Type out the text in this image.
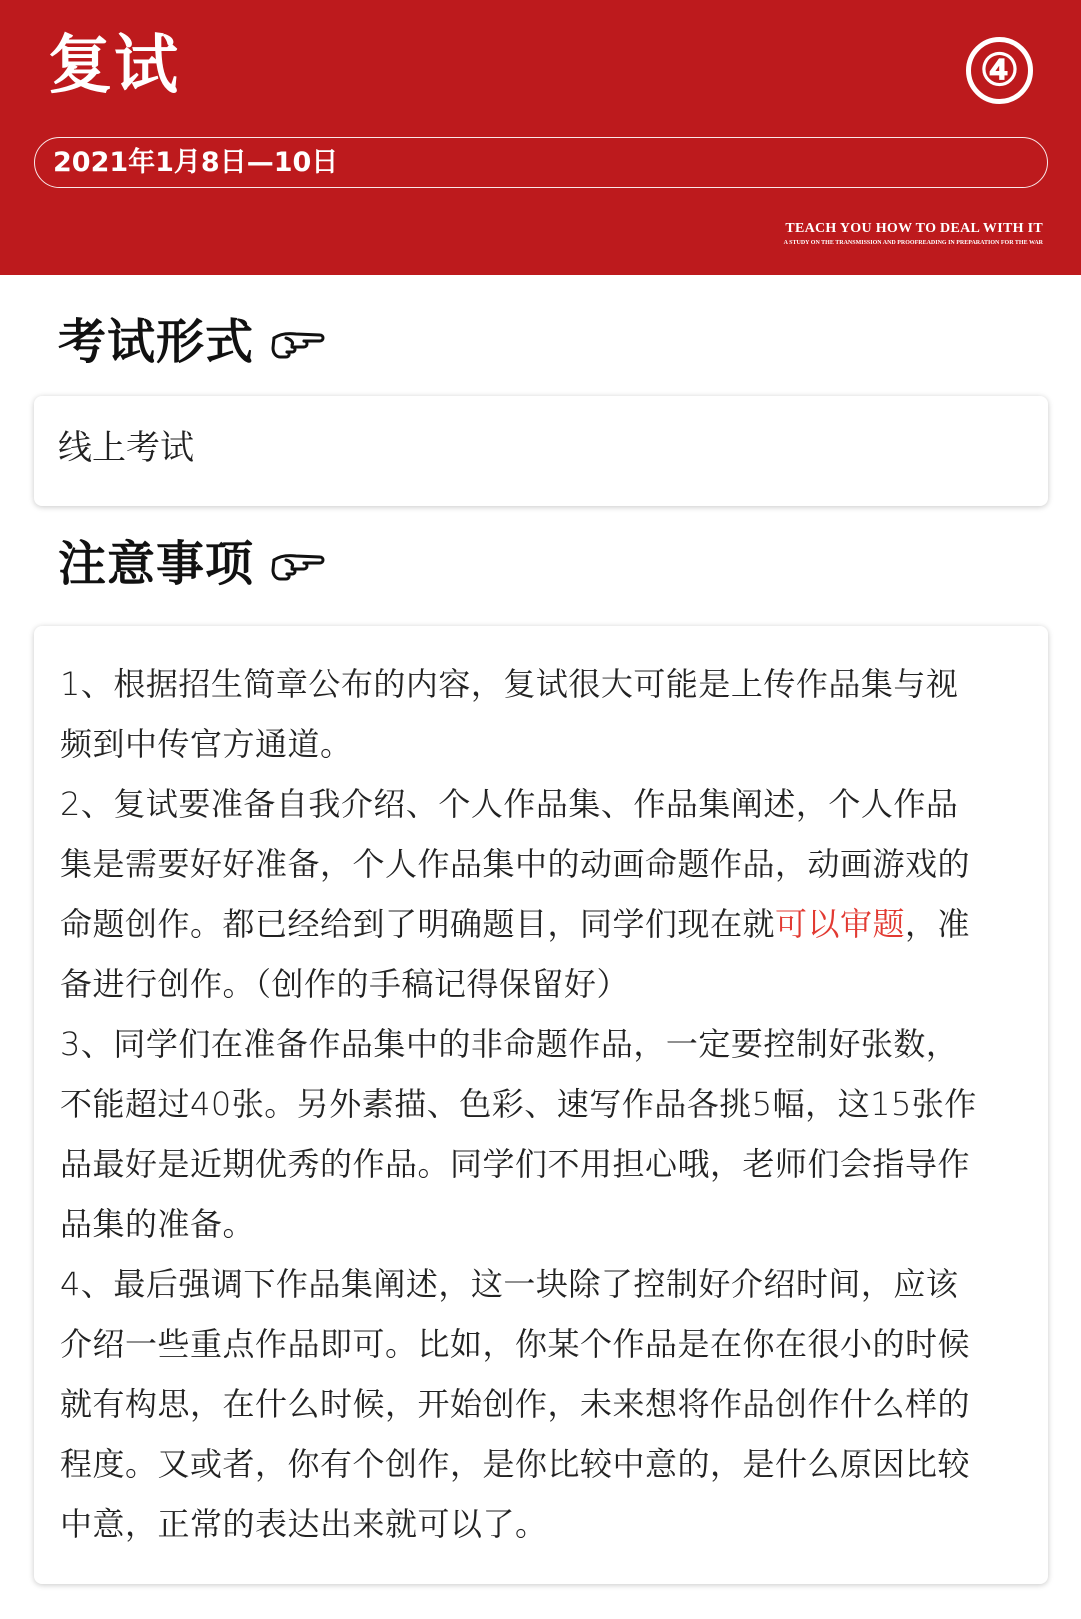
复试	④
2021年1月8日—10日
TEACH YOU HOW TO DEAL WITH IT
A STUDY ON THE TRANSMISSION AND PROOFREADING IN PREPARATION FOR THE WAR
考试形式
线上考试
注意事项

1、根据招生简章公布的内容，复试很大可能是上传作品集与视频到中传官方通道。

2、复试要准备自我介绍、个人作品集、作品集阐述，个人作品集是需要好好准备，个人作品集中的动画命题作品，动画游戏的命题创作。都已经给到了明确题目，同学们现在就可以审题，准备进行创作。（创作的手稿记得保留好）

3、同学们在准备作品集中的非命题作品，一定要控制好张数，不能超过40张。另外素描、色彩、速写作品各挑5幅，这15张作品最好是近期优秀的作品。同学们不用担心哦，老师们会指导作品集的准备。

4、最后强调下作品集阐述，这一块除了控制好介绍时间，应该介绍一些重点作品即可。比如，你某个作品是在你在很小的时候就有构思，在什么时候，开始创作，未来想将作品创作什么样的程度。又或者，你有个创作，是你比较中意的，是什么原因比较中意，正常的表达出来就可以了。
